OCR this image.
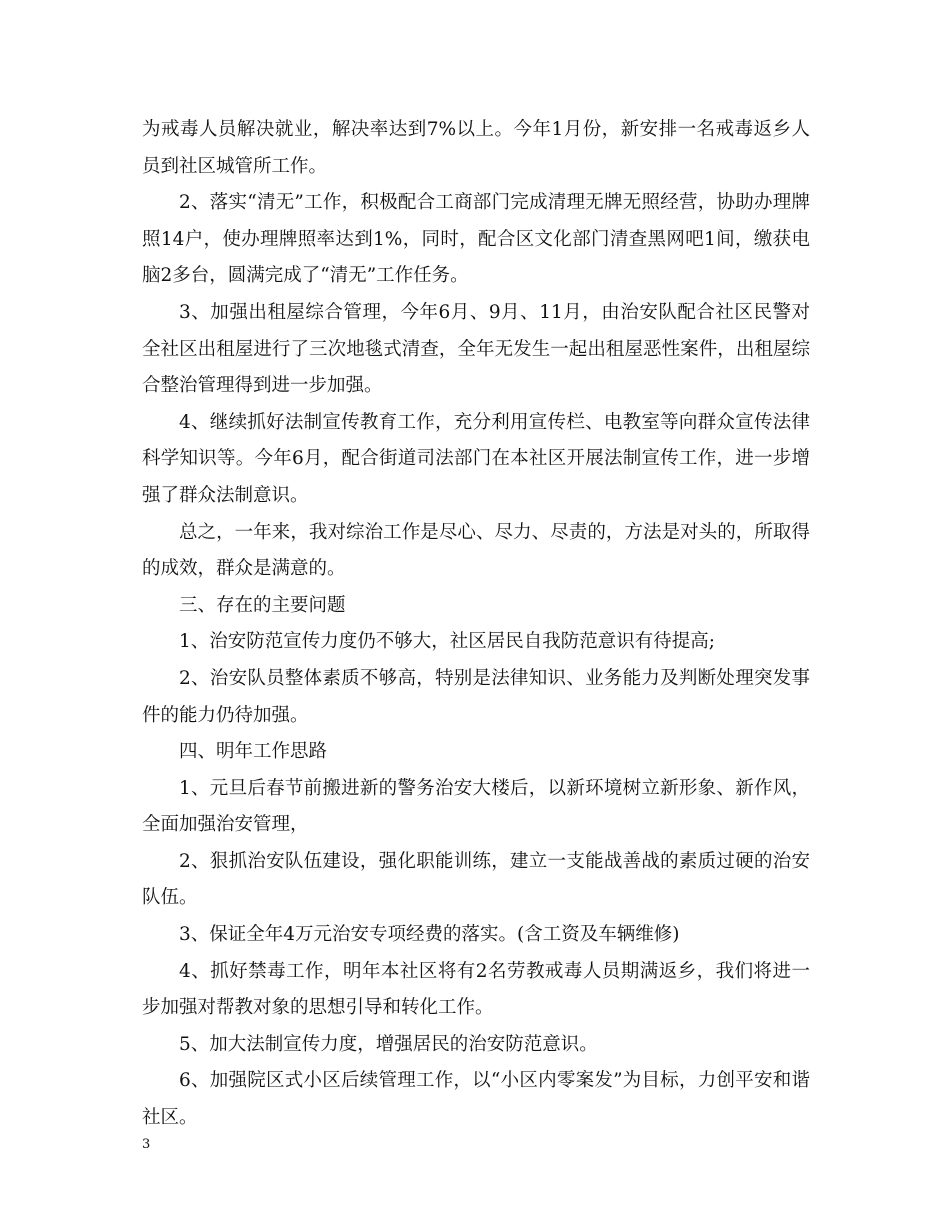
为戒毒人员解决就业，解决率达到7%以上。今年1月份，新安排一名戒毒返乡人员到社区城管所工作。

2、落实“清无”工作，积极配合工商部门完成清理无牌无照经营，协助办理牌照14户，使办理牌照率达到1%，同时，配合区文化部门清查黑网吧1间，缴获电脑2多台，圆满完成了“清无”工作任务。

3、加强出租屋综合管理，今年6月、9月、11月，由治安队配合社区民警对全社区出租屋进行了三次地毯式清查，全年无发生一起出租屋恶性案件，出租屋综合整治管理得到进一步加强。

4、继续抓好法制宣传教育工作，充分利用宣传栏、电教室等向群众宣传法律科学知识等。今年6月，配合街道司法部门在本社区开展法制宣传工作，进一步增强了群众法制意识。

总之，一年来，我对综治工作是尽心、尽力、尽责的，方法是对头的，所取得的成效，群众是满意的。

三、存在的主要问题

1、治安防范宣传力度仍不够大，社区居民自我防范意识有待提高;

2、治安队员整体素质不够高，特别是法律知识、业务能力及判断处理突发事件的能力仍待加强。

四、明年工作思路

1、元旦后春节前搬进新的警务治安大楼后，以新环境树立新形象、新作风，全面加强治安管理，

2、狠抓治安队伍建设，强化职能训练，建立一支能战善战的素质过硬的治安队伍。

3、保证全年4万元治安专项经费的落实。(含工资及车辆维修)

4、抓好禁毒工作，明年本社区将有2名劳教戒毒人员期满返乡，我们将进一步加强对帮教对象的思想引导和转化工作。

5、加大法制宣传力度，增强居民的治安防范意识。

6、加强院区式小区后续管理工作，以“小区内零案发”为目标，力创平安和谐社区。

3
